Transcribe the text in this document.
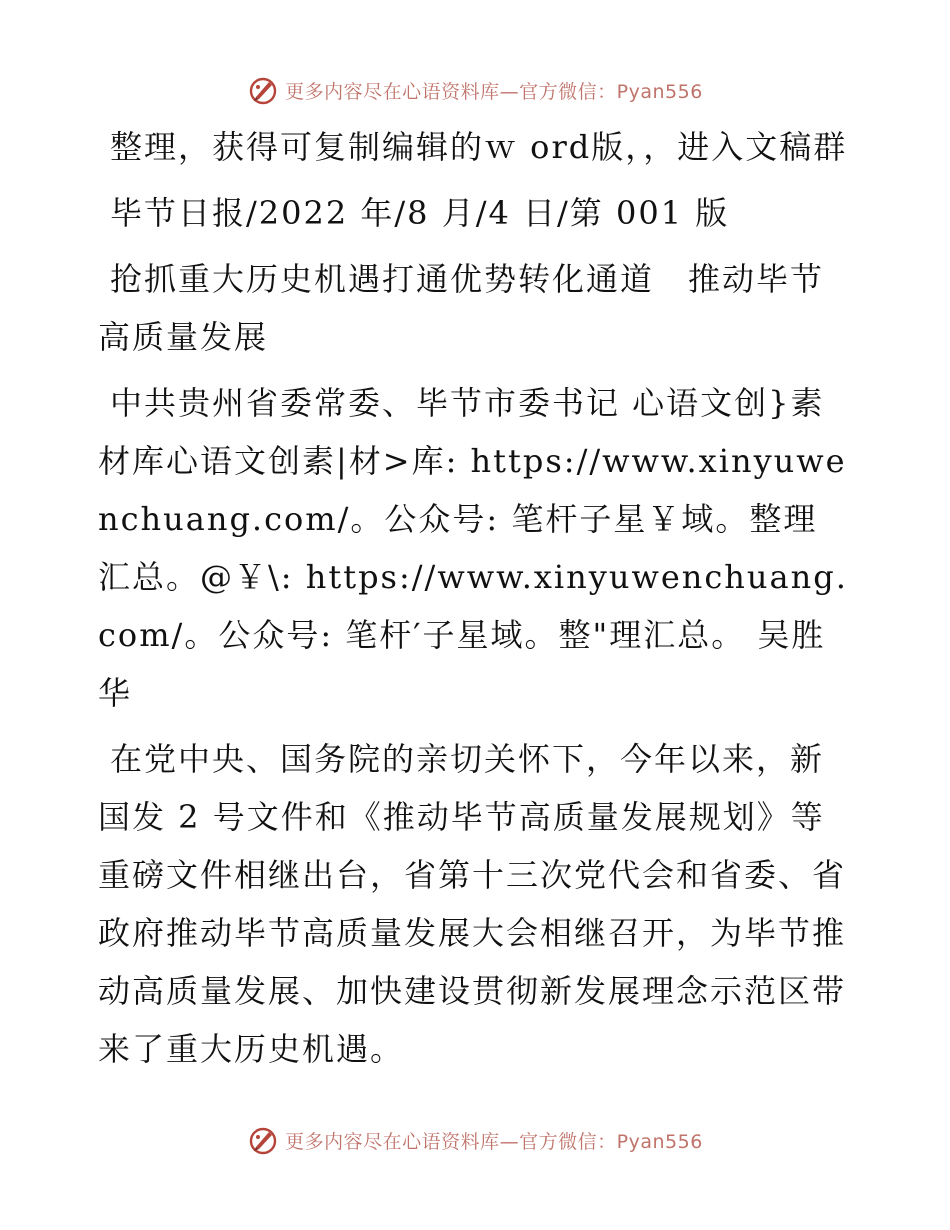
更多内容尽在心语资料库—官方微信：Pyan556

整理，获得可复制编辑的ｗ ord版，，进入文稿群

毕节日报/2022 年/8 月/4 日/第 001 版

抢抓重大历史机遇打通优势转化通道　推动毕节高质量发展

中共贵州省委常委、毕节市委书记 心语文创}素材库心语文创素|材>库: https://www.xinyuwenchuang.com/。公众号: 笔杆子星￥域。整理汇总。@￥\: https://www.xinyuwenchuang.com/。公众号: 笔杆′子星域。整"理汇总。 吴胜华

在党中央、国务院的亲切关怀下，今年以来，新国发 2 号文件和《推动毕节高质量发展规划》等重磅文件相继出台，省第十三次党代会和省委、省政府推动毕节高质量发展大会相继召开，为毕节推动高质量发展、加快建设贯彻新发展理念示范区带来了重大历史机遇。

更多内容尽在心语资料库—官方微信：Pyan556
